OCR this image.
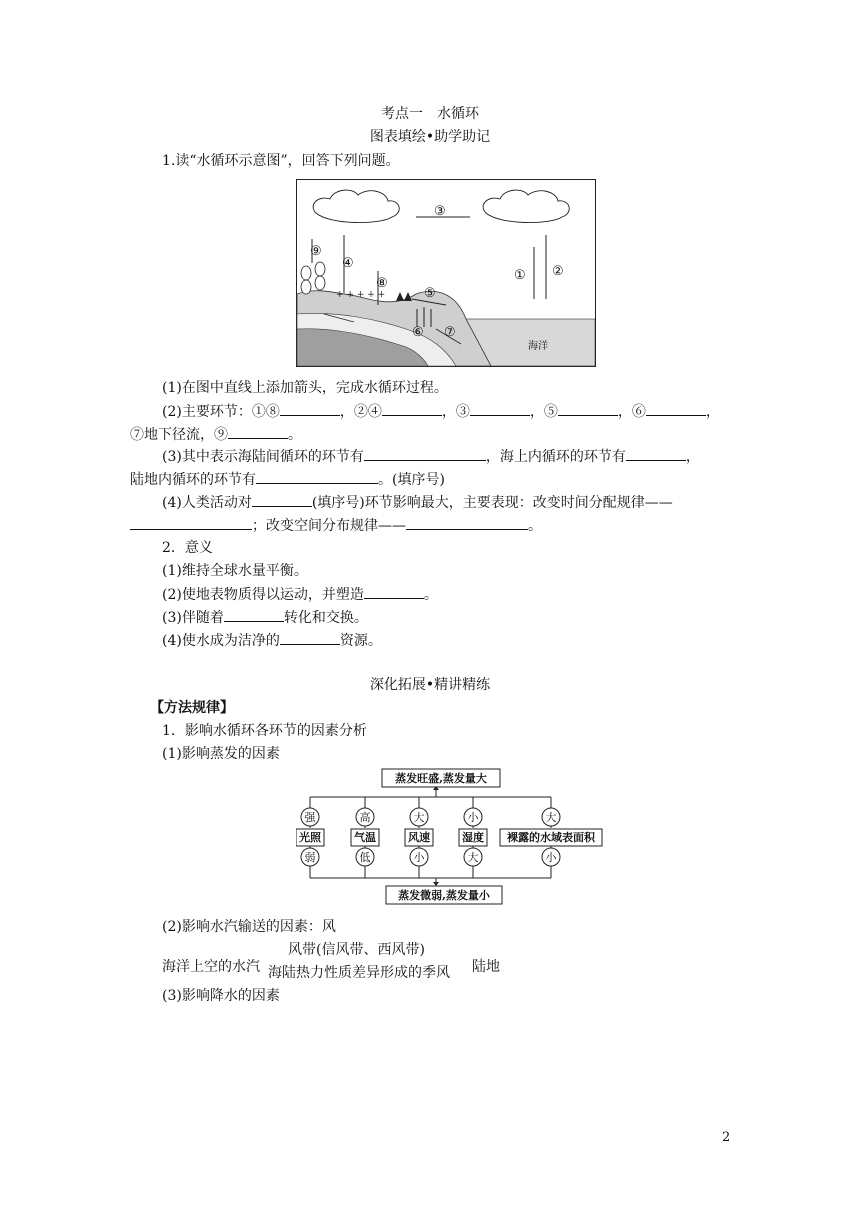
考点一　水循环
图表填绘•助学助记
1.读“水循环示意图”，回答下列问题。
+ + + + +
③
⑨
④
⑧
① ②
⑤
⑥ ⑦
海洋
(1)在图中直线上添加箭头，完成水循环过程。
(2)主要环节：①⑧	，②④	，③	，⑤	，⑥	，
⑦地下径流，⑨	。
(3)其中表示海陆间循环的环节有	，海上内循环的环节有	，
陆地内循环的环节有	。(填序号)
(4)人类活动对	(填序号)环节影响最大，主要表现：改变时间分配规律——
；改变空间分布规律——	。
2．意义
(1)维持全球水量平衡。
(2)使地表物质得以运动，并塑造	。
(3)伴随着	转化和交换。
(4)使水成为洁净的	资源。
深化拓展•精讲精练
【方法规律】
1．影响水循环各环节的因素分析
(1)影响蒸发的因素
蒸发旺盛,蒸发量大
蒸发微弱,蒸发量小
光照	气温	风速	湿度 裸露的水域表面积
强	高	大	小	大
弱	低	小	大	小
(2)影响水汽输送的因素：风
风带(信风带、西风带)
海洋上空的水汽 海陆热力性质差异形成的季风 陆地
(3)影响降水的因素
2
